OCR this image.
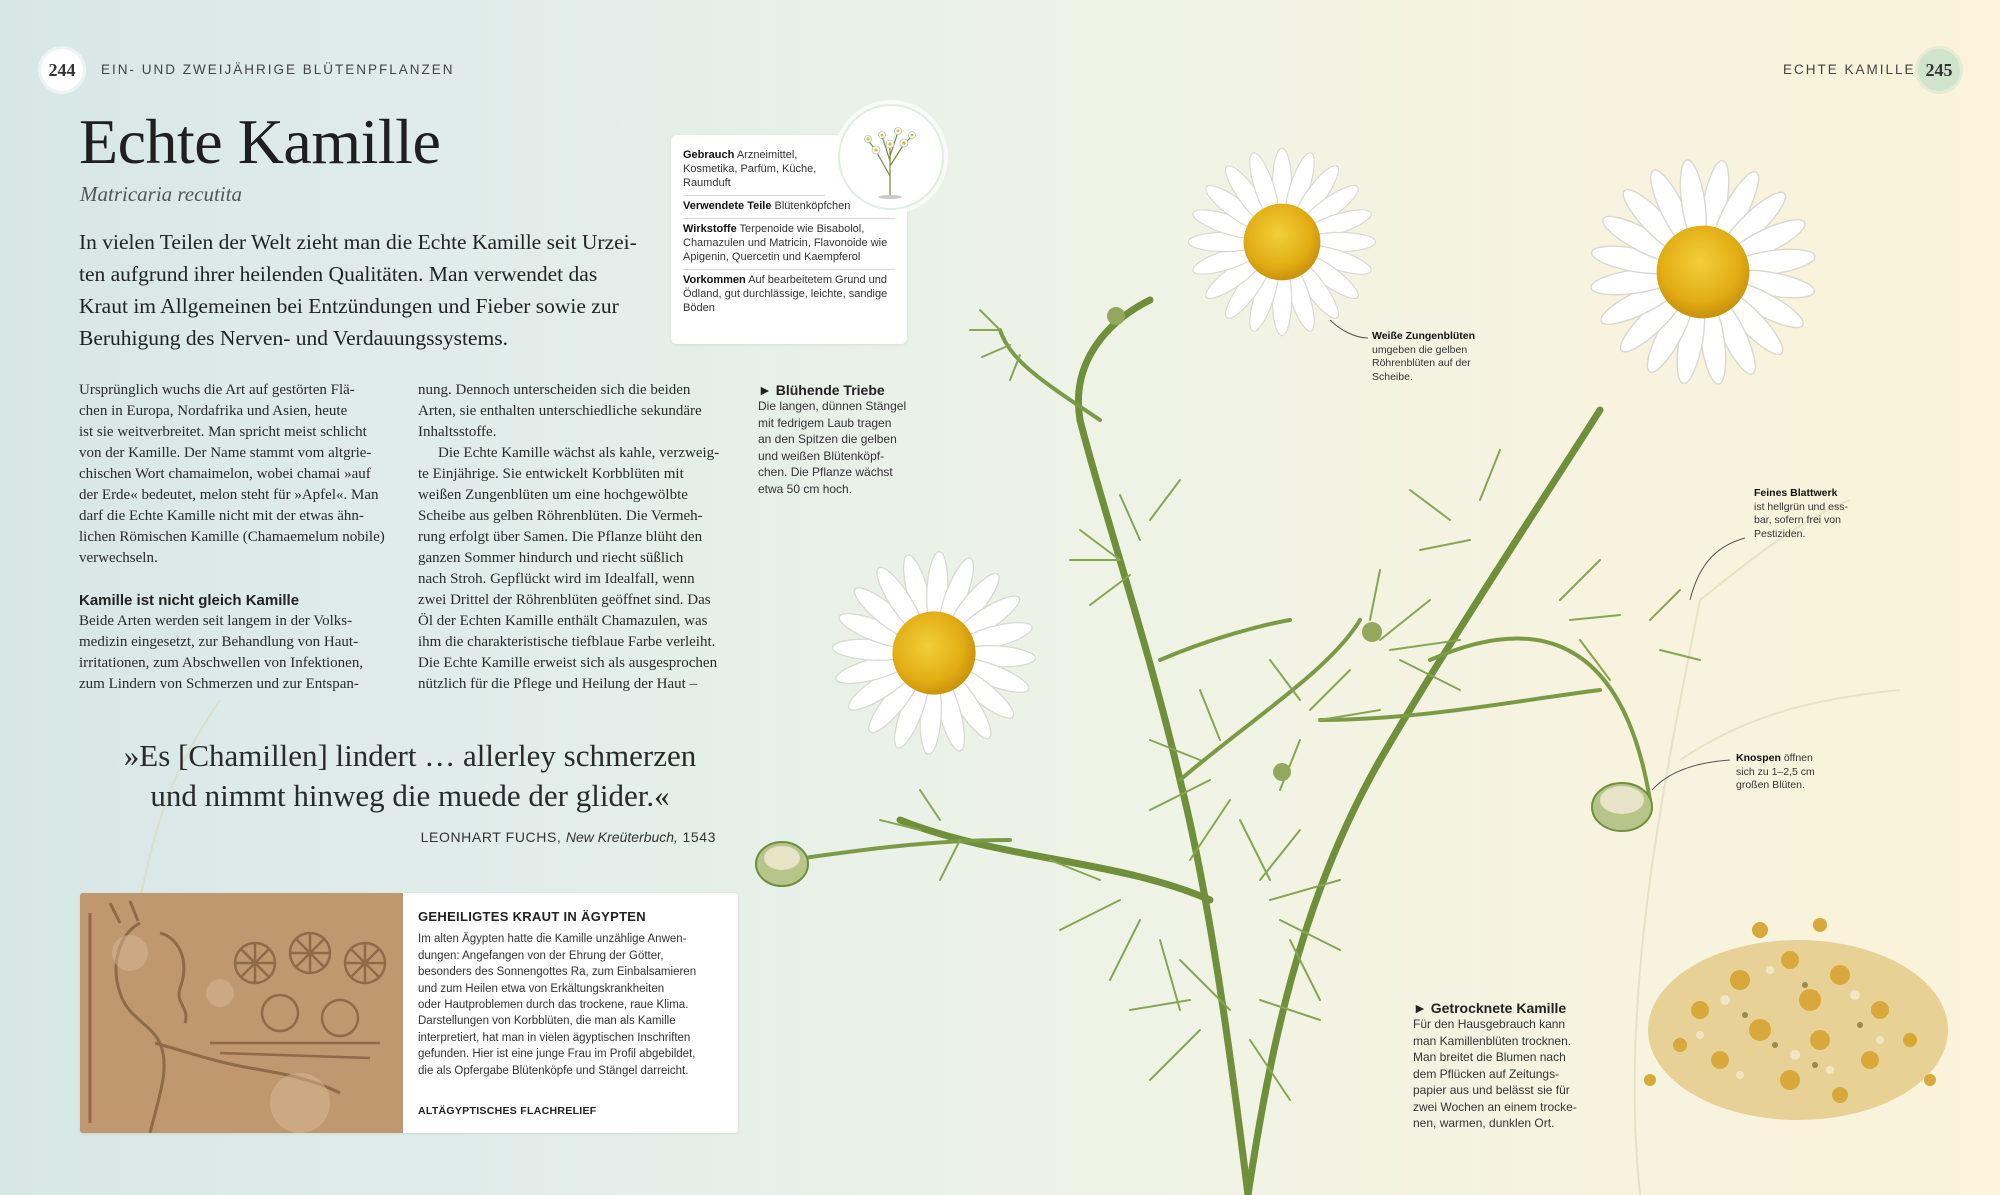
244	EIN- UND ZWEIJÄHRIGE BLÜTENPFLANZEN	ECHTE KAMILLE 245
Echte Kamille
Matricaria recutita
In vielen Teilen der Welt zieht man die Echte Kamille seit Urzei-
ten aufgrund ihrer heilenden Qualitäten. Man verwendet das
Kraut im Allgemeinen bei Entzündungen und Fieber sowie zur
Beruhigung des Nerven- und Verdauungssystems.
Ursprünglich wuchs die Art auf gestörten Flä-
chen in Europa, Nordafrika und Asien, heute
ist sie weitverbreitet. Man spricht meist schlicht
von der Kamille. Der Name stammt vom altgrie-
chischen Wort chamaimelon, wobei chamai »auf
der Erde« bedeutet, melon steht für »Apfel«. Man
darf die Echte Kamille nicht mit der etwas ähn-
lichen Römischen Kamille (Chamaemelum nobile)
verwechseln.
Kamille ist nicht gleich Kamille
Beide Arten werden seit langem in der Volks-
medizin eingesetzt, zur Behandlung von Haut-
irritationen, zum Abschwellen von Infektionen,
zum Lindern von Schmerzen und zur Entspan-
nung. Dennoch unterscheiden sich die beiden
Arten, sie enthalten unterschiedliche sekundäre
Inhaltsstoffe.
Die Echte Kamille wächst als kahle, verzweig-
te Einjährige. Sie entwickelt Korbblüten mit
weißen Zungenblüten um eine hochgewölbte
Scheibe aus gelben Röhrenblüten. Die Vermeh-
rung erfolgt über Samen. Die Pflanze blüht den
ganzen Sommer hindurch und riecht süßlich
nach Stroh. Gepflückt wird im Idealfall, wenn
zwei Drittel der Röhrenblüten geöffnet sind. Das
Öl der Echten Kamille enthält Chamazulen, was
ihm die charakteristische tiefblaue Farbe verleiht.
Die Echte Kamille erweist sich als ausgesprochen
nützlich für die Pflege und Heilung der Haut –
Gebrauch Arzneimittel, Kosmetika, Parfüm, Küche, Raumduft
Verwendete Teile Blütenköpfchen
Wirkstoffe Terpenoide wie Bisabolol, Chamazulen und Matricin, Flavonoide wie Apigenin, Quercetin und Kaempferol
Vorkommen Auf bearbeitetem Grund und Ödland, gut durchlässige, leichte, sandige Böden
► Blühende Triebe
Die langen, dünnen Stängel
mit fedrigem Laub tragen
an den Spitzen die gelben
und weißen Blütenköpf-
chen. Die Pflanze wächst
etwa 50 cm hoch.
Weiße Zungenblüten
umgeben die gelben
Röhrenblüten auf der
Scheibe.
Feines Blattwerk
ist hellgrün und ess-
bar, sofern frei von
Pestiziden.
Knospen öffnen
sich zu 1–2,5 cm
großen Blüten.
► Getrocknete Kamille
Für den Hausgebrauch kann
man Kamillenblüten trocknen.
Man breitet die Blumen nach
dem Pflücken auf Zeitungs-
papier aus und belässt sie für
zwei Wochen an einem trocke-
nen, warmen, dunklen Ort.
»Es [Chamillen] lindert … allerley schmerzen
und nimmt hinweg die muede der glider.«
LEONHART FUCHS, New Kreüterbuch, 1543
GEHEILIGTES KRAUT IN ÄGYPTEN
Im alten Ägypten hatte die Kamille unzählige Anwen-
dungen: Angefangen von der Ehrung der Götter,
besonders des Sonnengottes Ra, zum Einbalsamieren
und zum Heilen etwa von Erkältungskrankheiten
oder Hautproblemen durch das trockene, raue Klima.
Darstellungen von Korbblüten, die man als Kamille
interpretiert, hat man in vielen ägyptischen Inschriften
gefunden. Hier ist eine junge Frau im Profil abgebildet,
die als Opfergabe Blütenköpfe und Stängel darreicht.
ALTÄGYPTISCHES FLACHRELIEF
